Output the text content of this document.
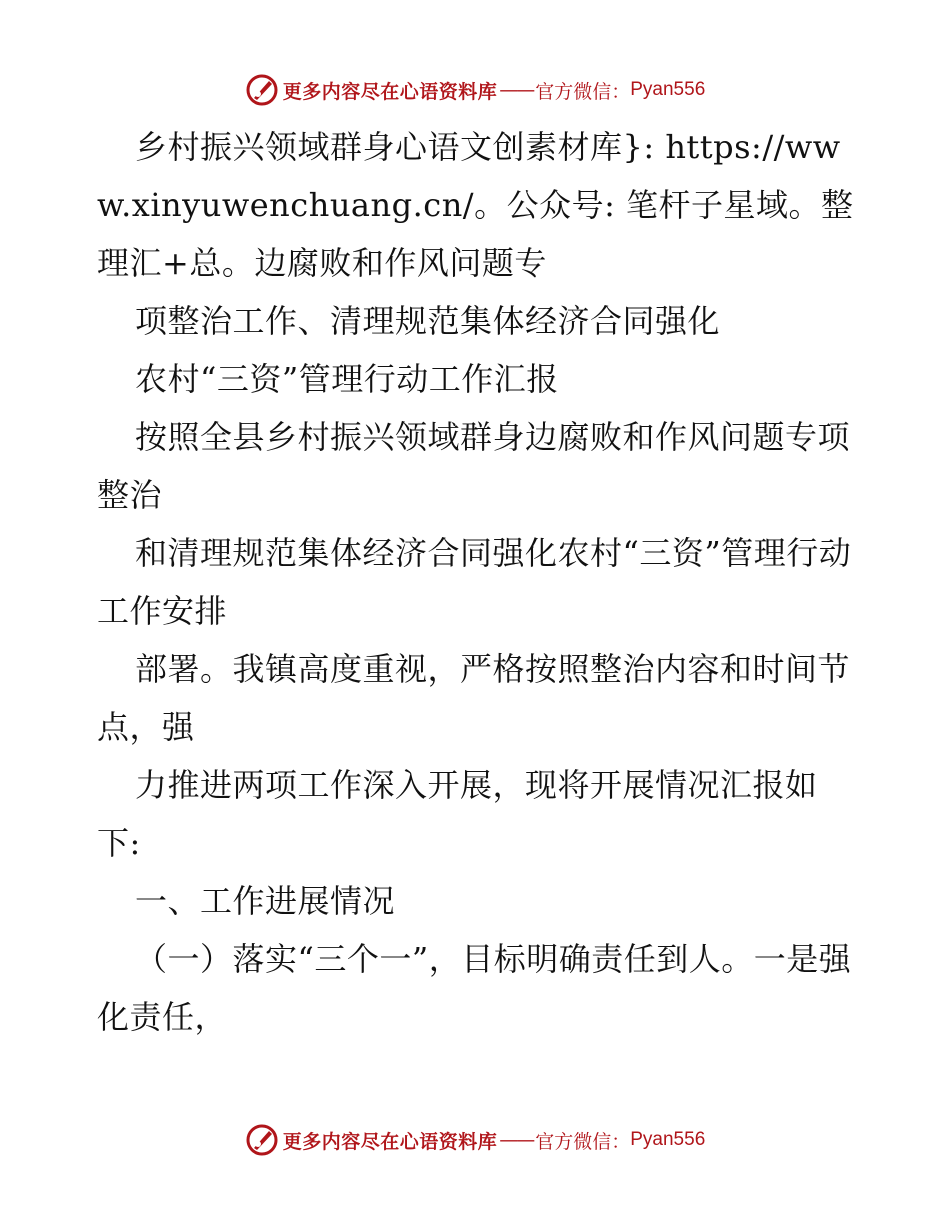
更多内容尽在心语资料库 —— 官方微信： Pyan556

乡村振兴领域群身心语文创素材库}: https://www.xinyuwenchuang.cn/。公众号: 笔杆子星域。整理汇+总。边腐败和作风问题专

项整治工作、清理规范集体经济合同强化

农村“三资”管理行动工作汇报

按照全县乡村振兴领域群身边腐败和作风问题专项整治

和清理规范集体经济合同强化农村“三资”管理行动工作安排

部署。我镇高度重视，严格按照整治内容和时间节点，强

力推进两项工作深入开展，现将开展情况汇报如下:

一、工作进展情况

（一）落实“三个一”，目标明确责任到人。一是强化责任，

更多内容尽在心语资料库 —— 官方微信： Pyan556
